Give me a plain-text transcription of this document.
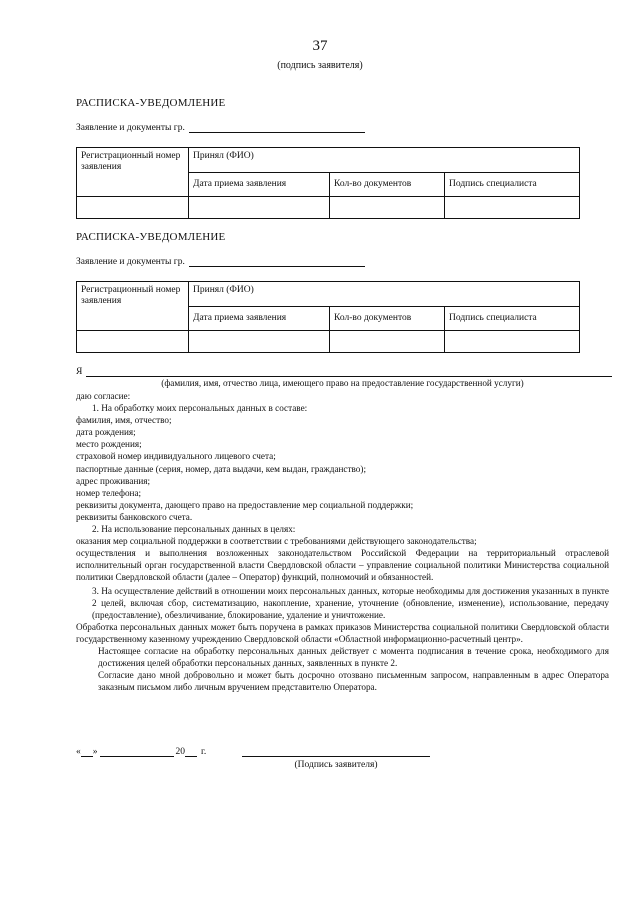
37
(подпись заявителя)
РАСПИСКА-УВЕДОМЛЕНИЕ
Заявление и документы гр.
Регистрационный номер заявления	Принял (ФИО)		
	Дата приема заявления	Кол-во документов	Подпись специалиста

РАСПИСКА-УВЕДОМЛЕНИЕ
Заявление и документы гр.
Регистрационный номер заявления	Принял (ФИО)		
	Дата приема заявления	Кол-во документов	Подпись специалиста

Я
(фамилия, имя, отчество лица, имеющего право на предоставление государственной услуги)

даю согласие:

1. На обработку моих персональных данных в составе:

фамилия, имя, отчество;

дата рождения;

место рождения;

страховой номер индивидуального лицевого счета;

паспортные данные (серия, номер, дата выдачи, кем выдан, гражданство);

адрес проживания;

номер телефона;

реквизиты документа, дающего право на предоставление мер социальной поддержки;

реквизиты банковского счета.

2. На использование персональных данных в целях:

оказания мер социальной поддержки в соответствии с требованиями действующего законодательства;

осуществления и выполнения возложенных законодательством Российской Федерации на территориальный отраслевой исполнительный орган государственной власти Свердловской области – управление социальной политики Министерства социальной политики Свердловской области (далее – Оператор) функций, полномочий и обязанностей.

3. На осуществление действий в отношении моих персональных данных, которые необходимы для достижения указанных в пункте 2 целей, включая сбор, систематизацию, накопление, хранение, уточнение (обновление, изменение), использование, передачу (предоставление), обезличивание, блокирование, удаление и уничтожение.

Обработка персональных данных может быть поручена в рамках приказов Министерства социальной политики Свердловской области государственному казенному учреждению Свердловской области «Областной информационно-расчетный центр».

Настоящее согласие на обработку персональных данных действует с момента подписания в течение срока, необходимого для достижения целей обработки персональных данных, заявленных в пункте 2.

Согласие дано мной добровольно и может быть досрочно отозвано письменным запросом, направленным в адрес Оператора заказным письмом либо личным вручением представителю Оператора.

« »	20 г.
(Подпись заявителя)
